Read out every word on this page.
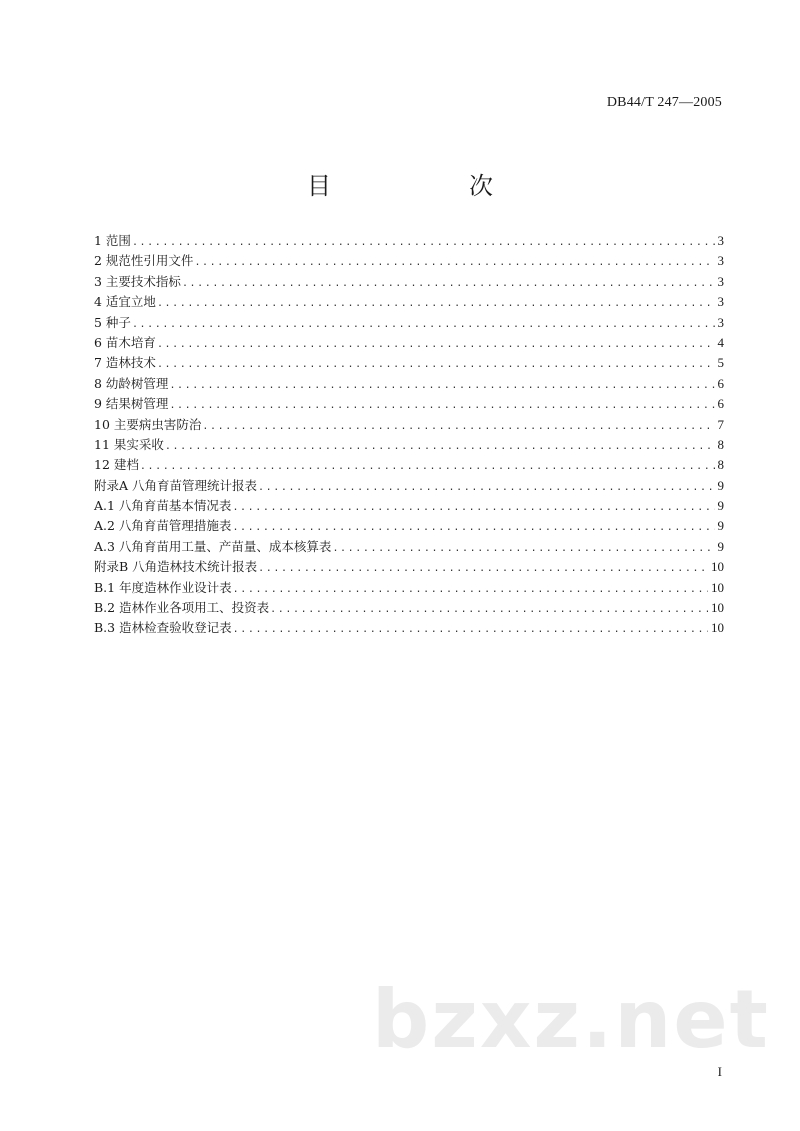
DB44/T 247—2005
目　　次
1 范围 .....	3
2 规范性引用文件 .....	3
3 主要技术指标 .....	3
4 适宜立地 .....	3
5 种子 .....	3
6 苗木培育 .....	4
7 造林技术 .....	5
8 幼龄树管理 .....	6
9 结果树管理 .....	6
10 主要病虫害防治 .....	7
11 果实采收 .....	8
12 建档 .....	8
附录A 八角育苗管理统计报表 .....	9
A.1 八角育苗基本情况表 .....	9
A.2 八角育苗管理措施表 .....	9
A.3 八角育苗用工量、产苗量、成本核算表 .....	9
附录B 八角造林技术统计报表 .....	10
B.1 年度造林作业设计表 .....	10
B.2 造林作业各项用工、投资表 .....	10
B.3 造林检查验收登记表 .....	10
bzxz.net
I
